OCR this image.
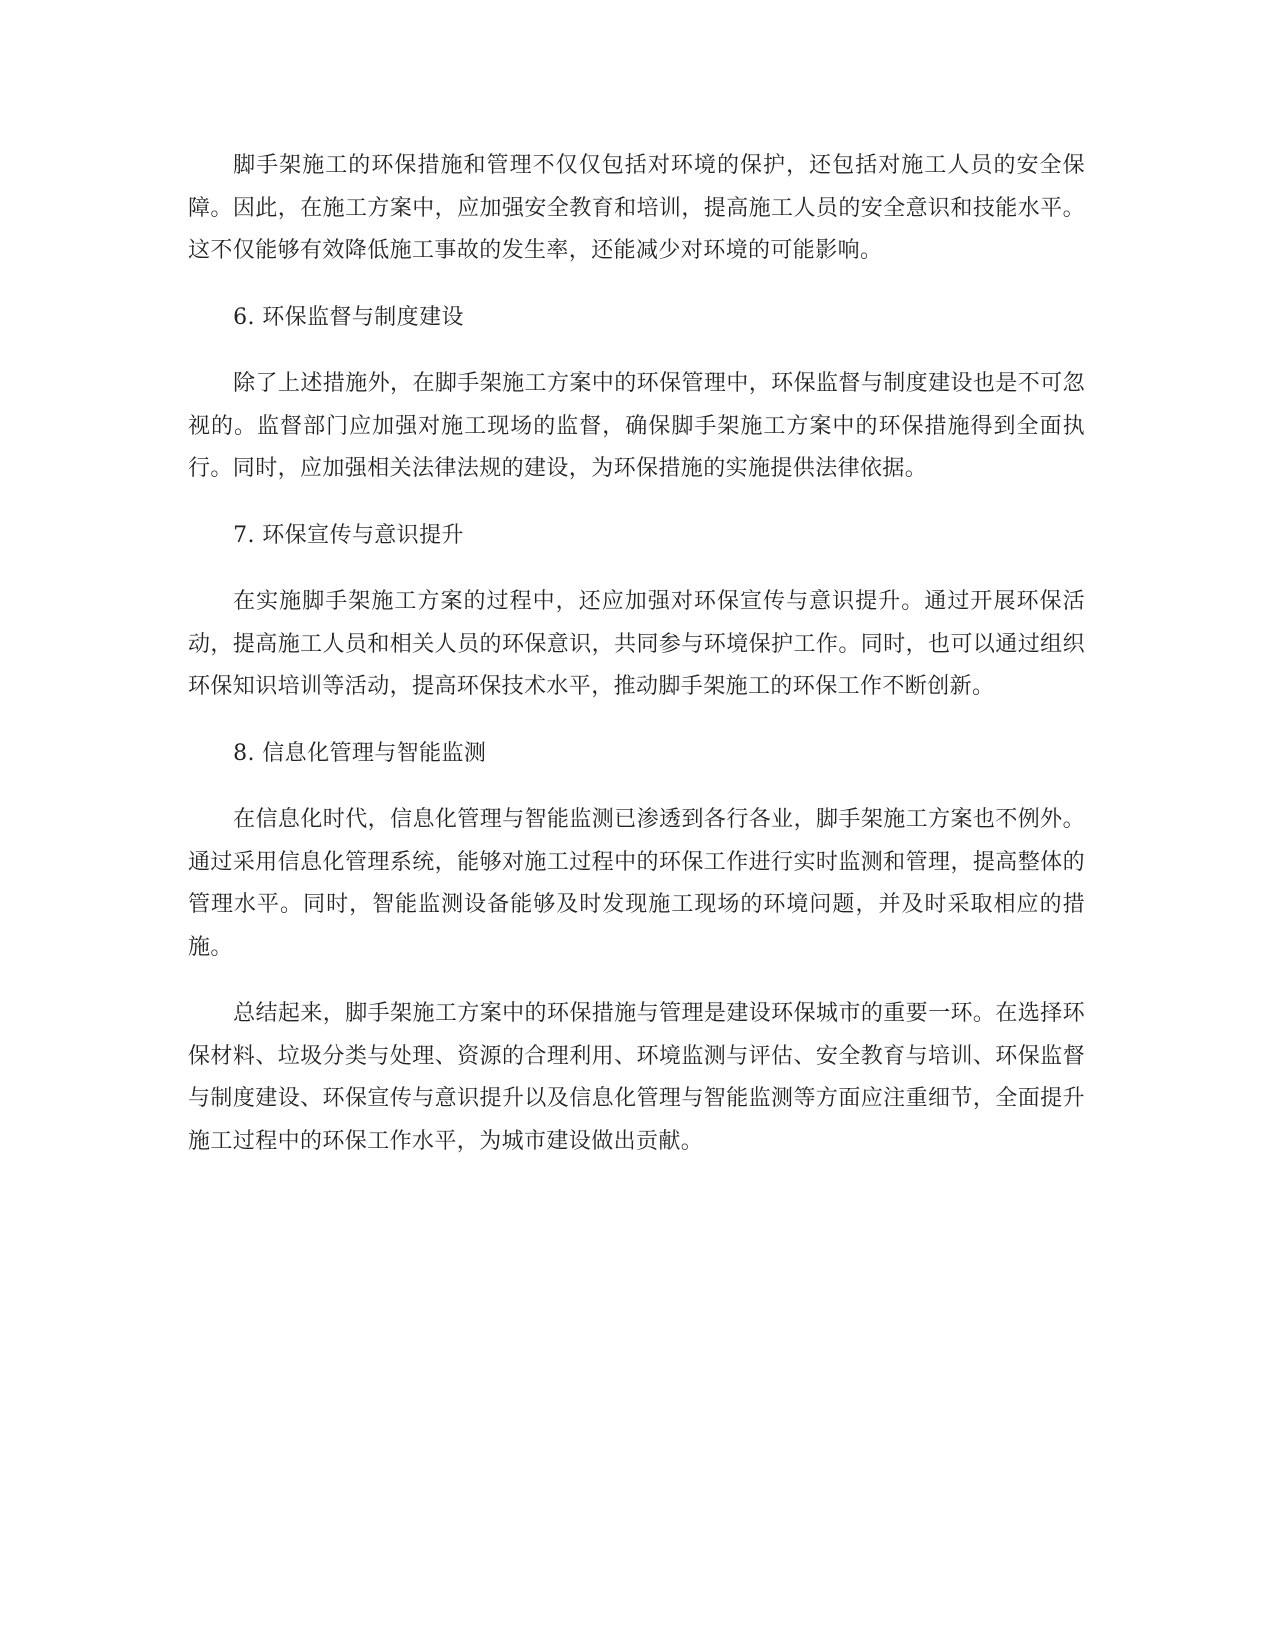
脚手架施工的环保措施和管理不仅仅包括对环境的保护，还包括对施工人员的安全保障。因此，在施工方案中，应加强安全教育和培训，提高施工人员的安全意识和技能水平。这不仅能够有效降低施工事故的发生率，还能减少对环境的可能影响。

6. 环保监督与制度建设

除了上述措施外，在脚手架施工方案中的环保管理中，环保监督与制度建设也是不可忽视的。监督部门应加强对施工现场的监督，确保脚手架施工方案中的环保措施得到全面执行。同时，应加强相关法律法规的建设，为环保措施的实施提供法律依据。

7. 环保宣传与意识提升

在实施脚手架施工方案的过程中，还应加强对环保宣传与意识提升。通过开展环保活动，提高施工人员和相关人员的环保意识，共同参与环境保护工作。同时，也可以通过组织环保知识培训等活动，提高环保技术水平，推动脚手架施工的环保工作不断创新。

8. 信息化管理与智能监测

在信息化时代，信息化管理与智能监测已渗透到各行各业，脚手架施工方案也不例外。通过采用信息化管理系统，能够对施工过程中的环保工作进行实时监测和管理，提高整体的管理水平。同时，智能监测设备能够及时发现施工现场的环境问题，并及时采取相应的措施。

总结起来，脚手架施工方案中的环保措施与管理是建设环保城市的重要一环。在选择环保材料、垃圾分类与处理、资源的合理利用、环境监测与评估、安全教育与培训、环保监督与制度建设、环保宣传与意识提升以及信息化管理与智能监测等方面应注重细节，全面提升施工过程中的环保工作水平，为城市建设做出贡献。
